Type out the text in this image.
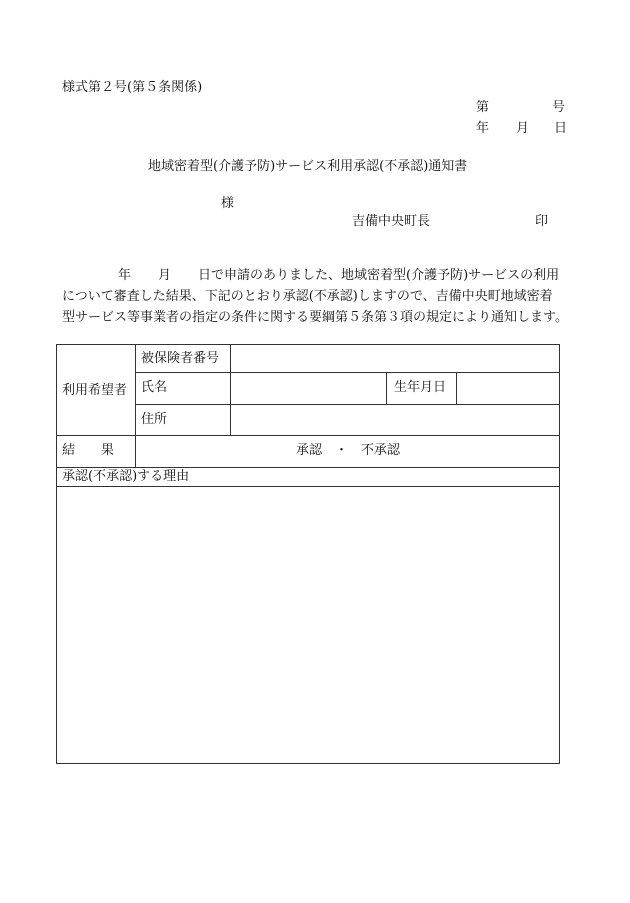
様式第２号(第５条関係)
第	号
年 月 日
地域密着型(介護予防)サービス利用承認(不承認)通知書
様
吉備中央町長	印
年 月 日 で申請のありました、地域密着型(介護予防)サービスの利用
について審査した結果、下記のとおり承認(不承認)しますので、吉備中央町地域密着
型サービス等事業者の指定の条件に関する要綱第５条第３項の規定により通知します。
利用希望者
被保険者番号
氏名	生年月日
住所
結　　果	承認　・　不承認
承認(不承認)する理由
